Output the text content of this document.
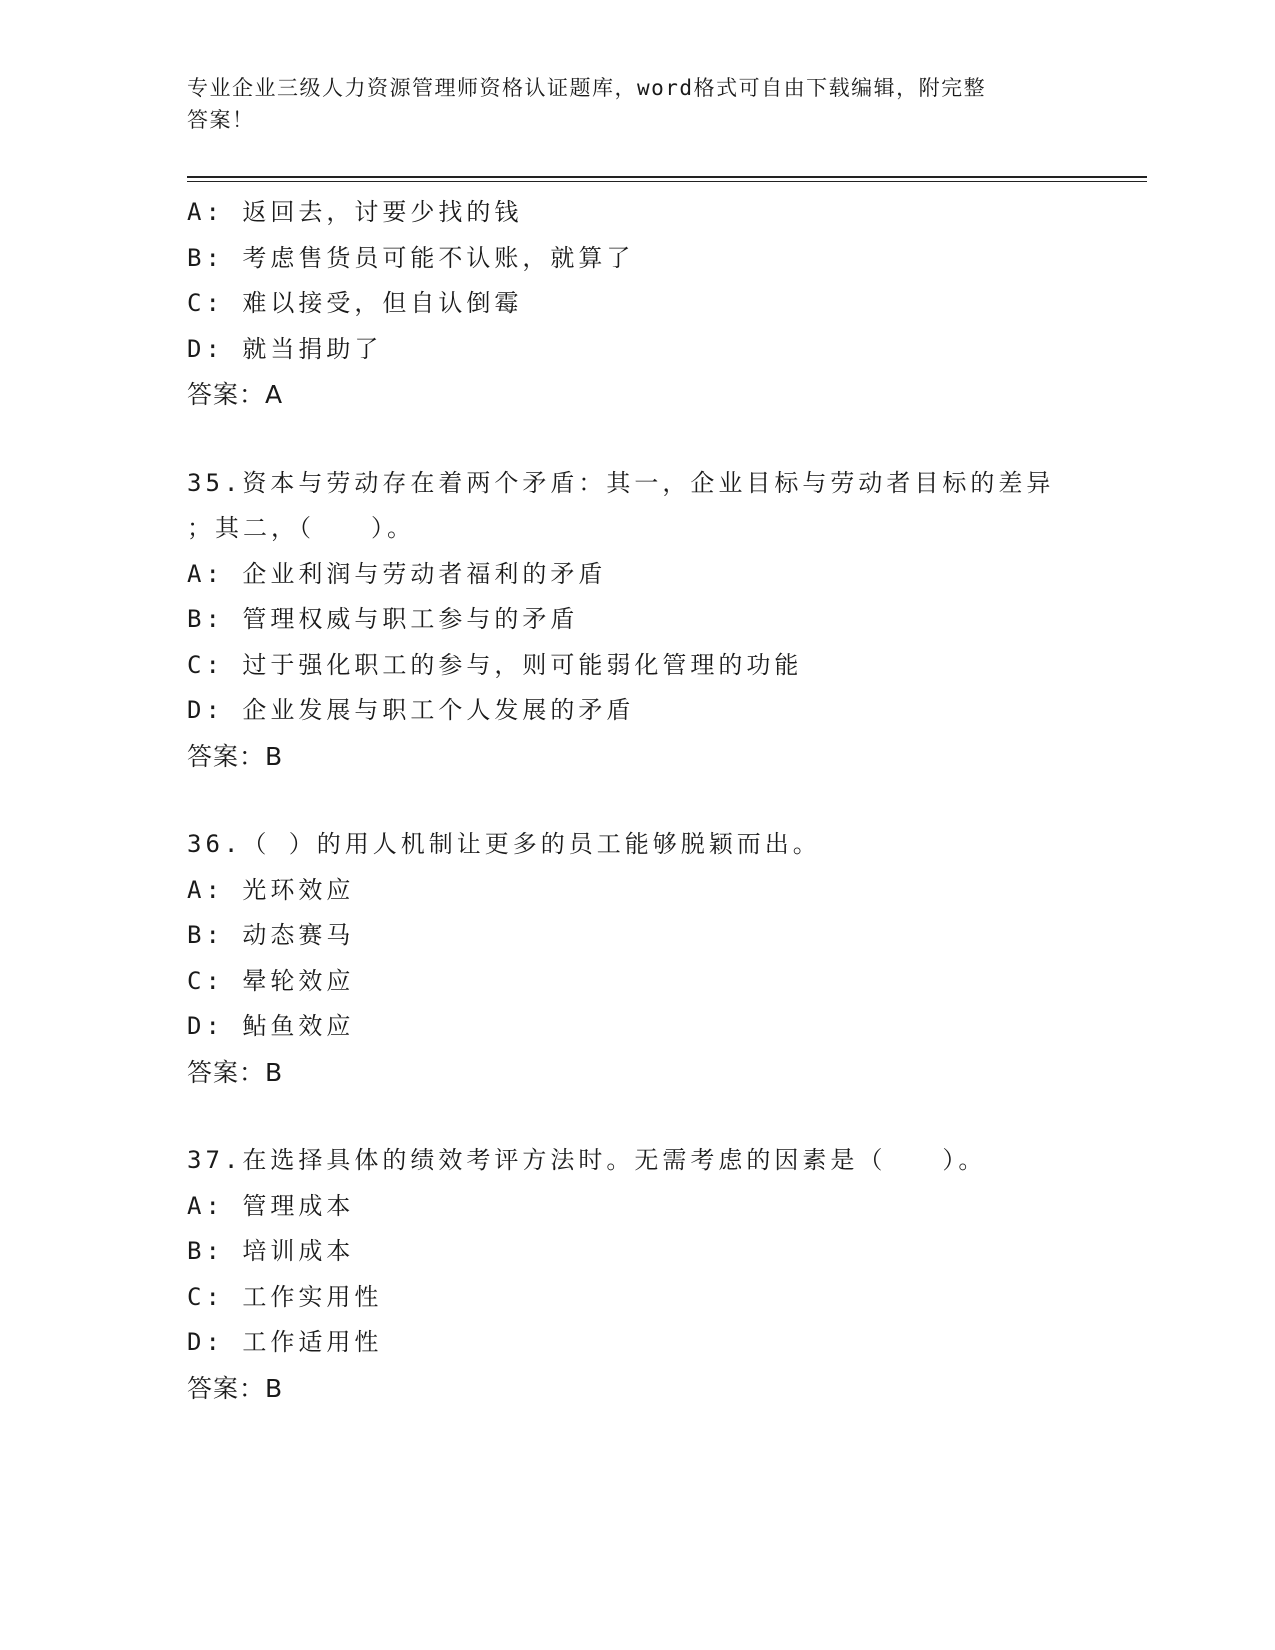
专业企业三级人力资源管理师资格认证题库，word格式可自由下载编辑，附完整
答案！
A: 返回去，讨要少找的钱
B: 考虑售货员可能不认账，就算了
C: 难以接受，但自认倒霉
D: 就当捐助了
答案：A
35.资本与劳动存在着两个矛盾：其一，企业目标与劳动者目标的差异
；其二，（　　）。
A: 企业利润与劳动者福利的矛盾
B: 管理权威与职工参与的矛盾
C: 过于强化职工的参与，则可能弱化管理的功能
D: 企业发展与职工个人发展的矛盾
答案：B
36.（ ）的用人机制让更多的员工能够脱颖而出。
A: 光环效应
B: 动态赛马
C: 晕轮效应
D: 鲇鱼效应
答案：B
37.在选择具体的绩效考评方法时。无需考虑的因素是（　　）。
A: 管理成本
B: 培训成本
C: 工作实用性
D: 工作适用性
答案：B
